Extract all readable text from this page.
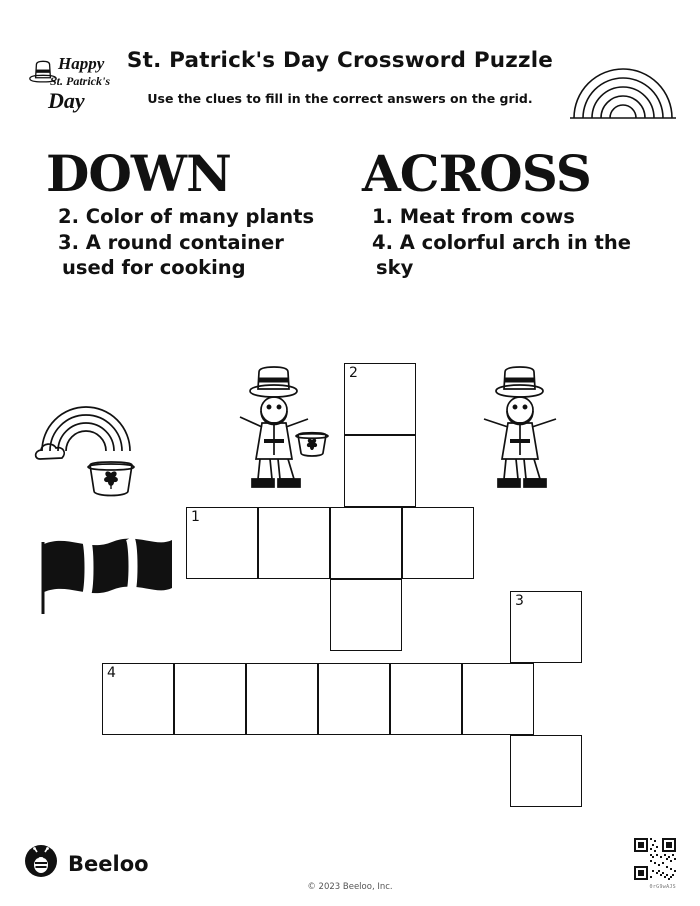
Happy
St. Patrick's
Day
St. Patrick's Day Crossword Puzzle
Use the clues to fill in the correct answers on the grid.
DOWN
2. Color of many plants
3. A round container used for cooking
ACROSS
1. Meat from cows
4. A colorful arch in the sky
2
1
3
4
Beeloo
© 2023 Beeloo, Inc.	0rG9wAJS
